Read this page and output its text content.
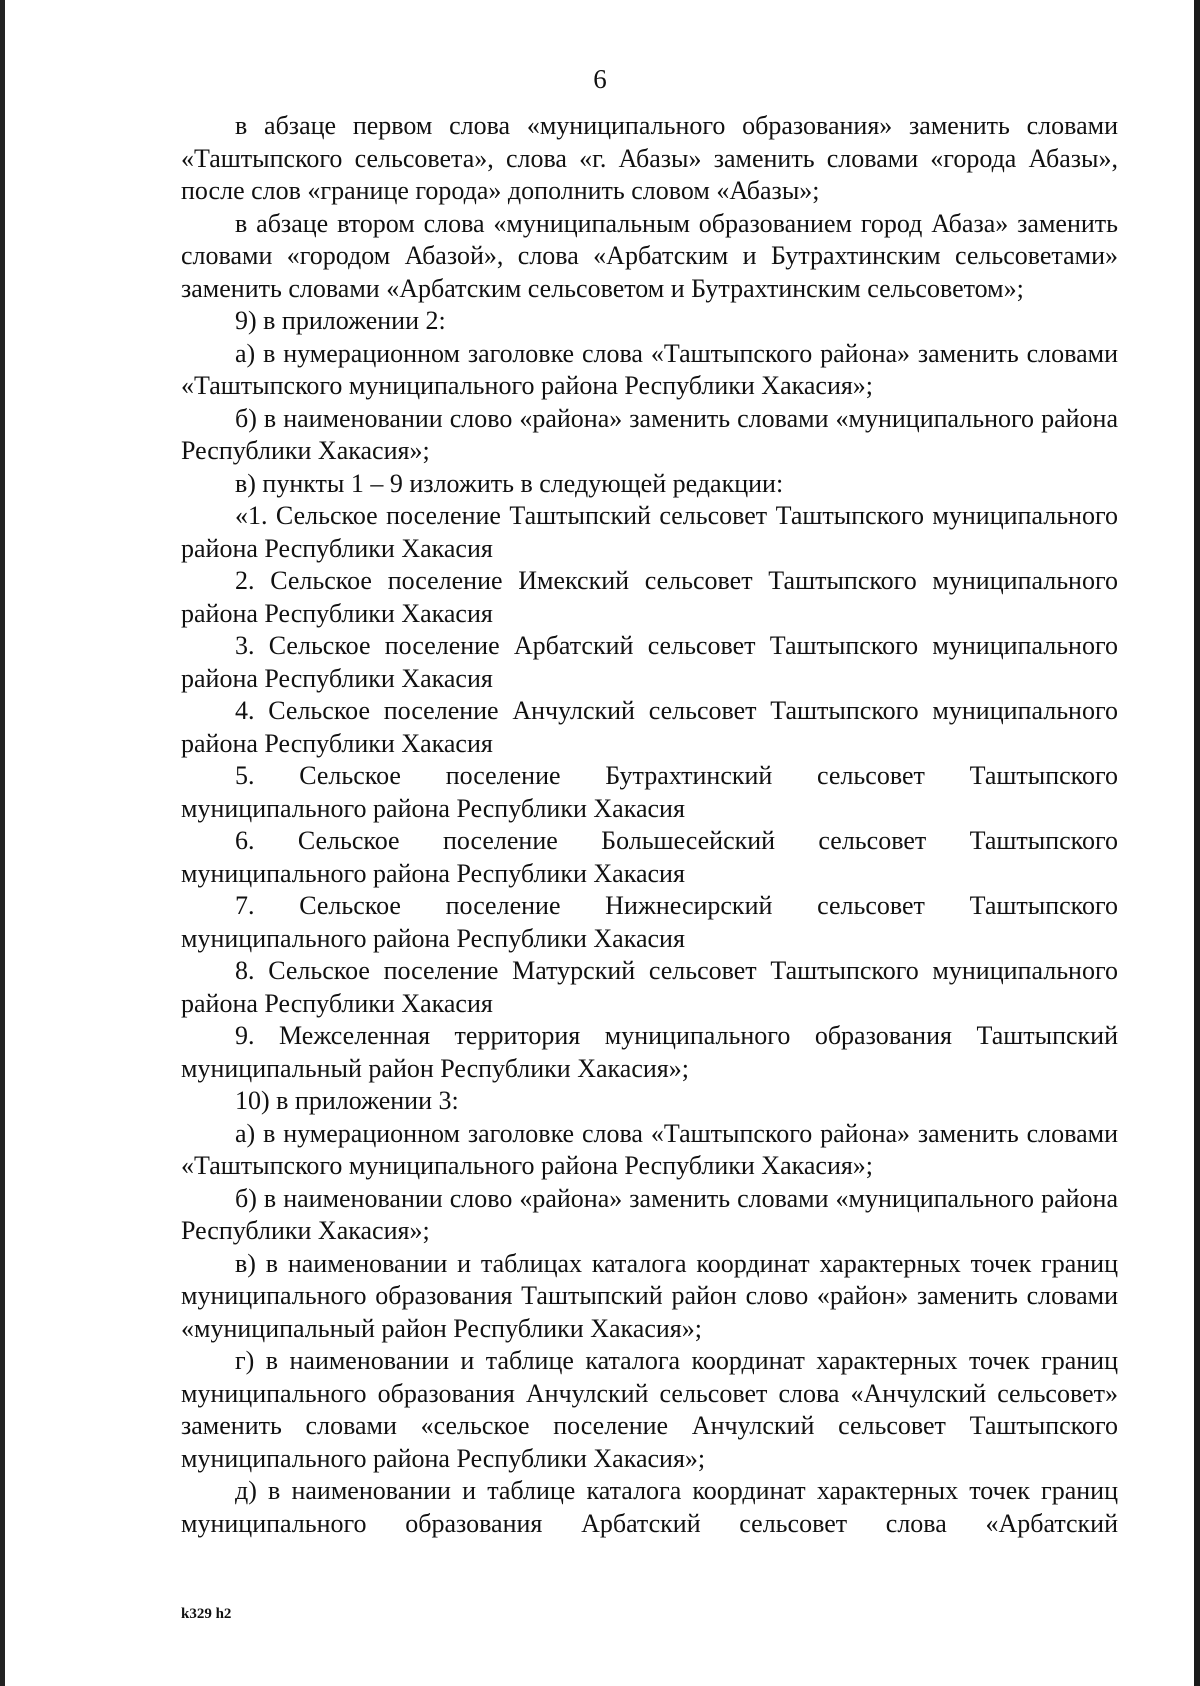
6

в абзаце первом слова «муниципального образования» заменить словами «Таштыпского сельсовета», слова «г. Абазы» заменить словами «города Абазы», после слов «границе города» дополнить словом «Абазы»;

в абзаце втором слова «муниципальным образованием город Абаза» заменить словами «городом Абазой», слова «Арбатским и Бутрахтинским сельсоветами» заменить словами «Арбатским сельсоветом и Бутрахтинским сельсоветом»;

9) в приложении 2:

а) в нумерационном заголовке слова «Таштыпского района» заменить словами «Таштыпского муниципального района Республики Хакасия»;

б) в наименовании слово «района» заменить словами «муниципального района Республики Хакасия»;

в) пункты 1 – 9 изложить в следующей редакции:

«1. Сельское поселение Таштыпский сельсовет Таштыпского муниципального района Республики Хакасия

2. Сельское поселение Имекский сельсовет Таштыпского муниципального района Республики Хакасия

3. Сельское поселение Арбатский сельсовет Таштыпского муниципального района Республики Хакасия

4. Сельское поселение Анчулский сельсовет Таштыпского муниципального района Республики Хакасия

5. Сельское поселение Бутрахтинский сельсовет Таштыпского муниципального района Республики Хакасия

6. Сельское поселение Большесейский сельсовет Таштыпского муниципального района Республики Хакасия

7. Сельское поселение Нижнесирский сельсовет Таштыпского муниципального района Республики Хакасия

8. Сельское поселение Матурский сельсовет Таштыпского муниципального района Республики Хакасия

9. Межселенная территория муниципального образования Таштыпский муниципальный район Республики Хакасия»;

10) в приложении 3:

а) в нумерационном заголовке слова «Таштыпского района» заменить словами «Таштыпского муниципального района Республики Хакасия»;

б) в наименовании слово «района» заменить словами «муниципального района Республики Хакасия»;

в) в наименовании и таблицах каталога координат характерных точек границ муниципального образования Таштыпский район слово «район» заменить словами «муниципальный район Республики Хакасия»;

г) в наименовании и таблице каталога координат характерных точек границ муниципального образования Анчулский сельсовет слова «Анчулский сельсовет» заменить словами «сельское поселение Анчулский сельсовет Таштыпского муниципального района Республики Хакасия»;

д) в наименовании и таблице каталога координат характерных точек границ муниципального образования Арбатский сельсовет слова «Арбатский

k329 h2
